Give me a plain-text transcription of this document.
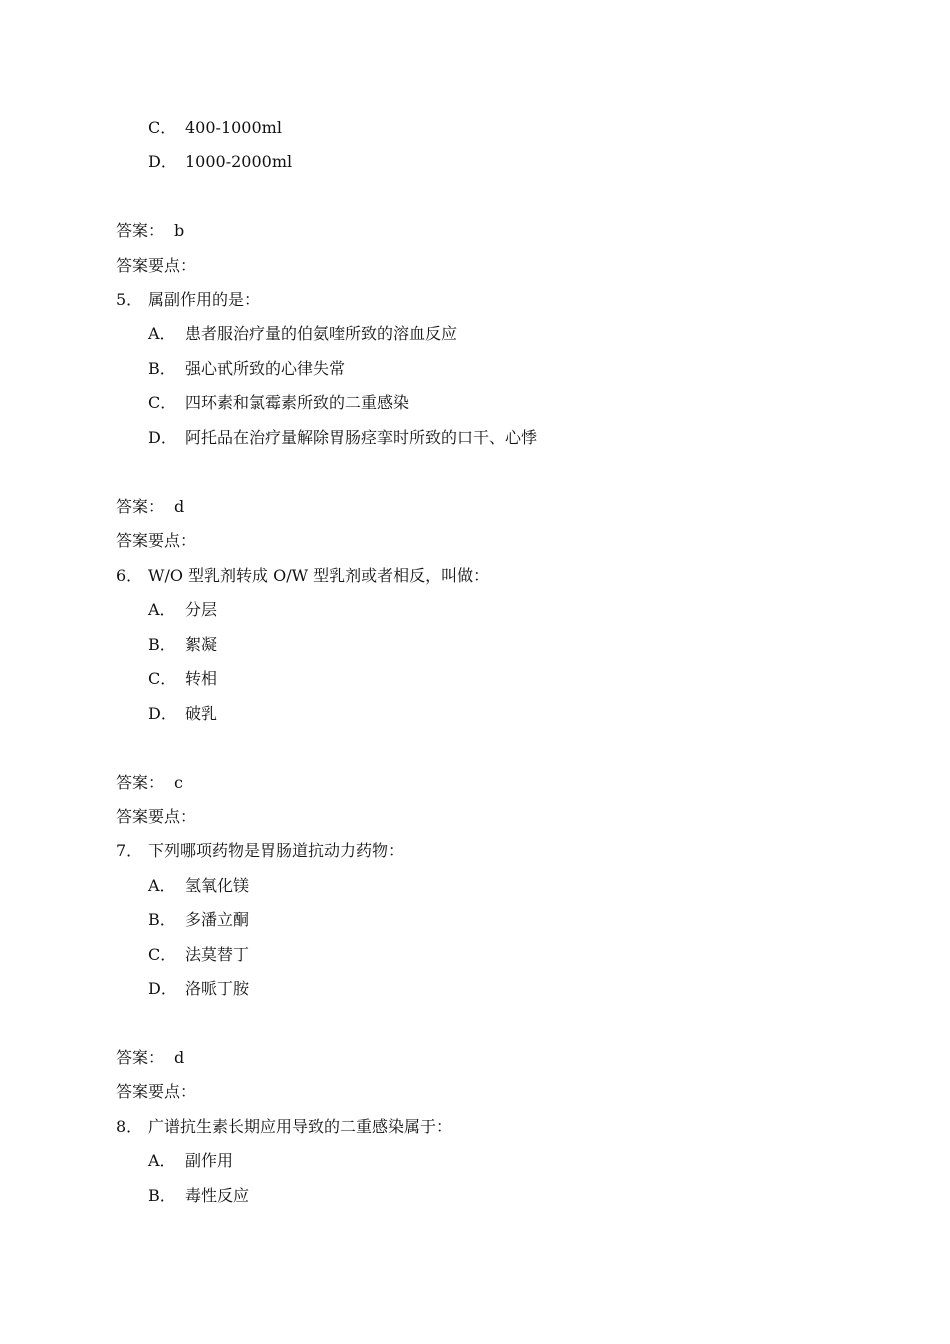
C． 400-1000ml
D． 1000-2000ml
答案： b
答案要点：
5． 属副作用的是：
A． 患者服治疗量的伯氨喹所致的溶血反应
B． 强心甙所致的心律失常
C． 四环素和氯霉素所致的二重感染
D． 阿托品在治疗量解除胃肠痉挛时所致的口干、心悸
答案： d
答案要点：
6． W/O 型乳剂转成 O/W 型乳剂或者相反，叫做：
A． 分层
B． 絮凝
C． 转相
D． 破乳
答案： c
答案要点：
7． 下列哪项药物是胃肠道抗动力药物：
A． 氢氧化镁
B． 多潘立酮
C． 法莫替丁
D． 洛哌丁胺
答案： d
答案要点：
8． 广谱抗生素长期应用导致的二重感染属于：
A． 副作用
B． 毒性反应
